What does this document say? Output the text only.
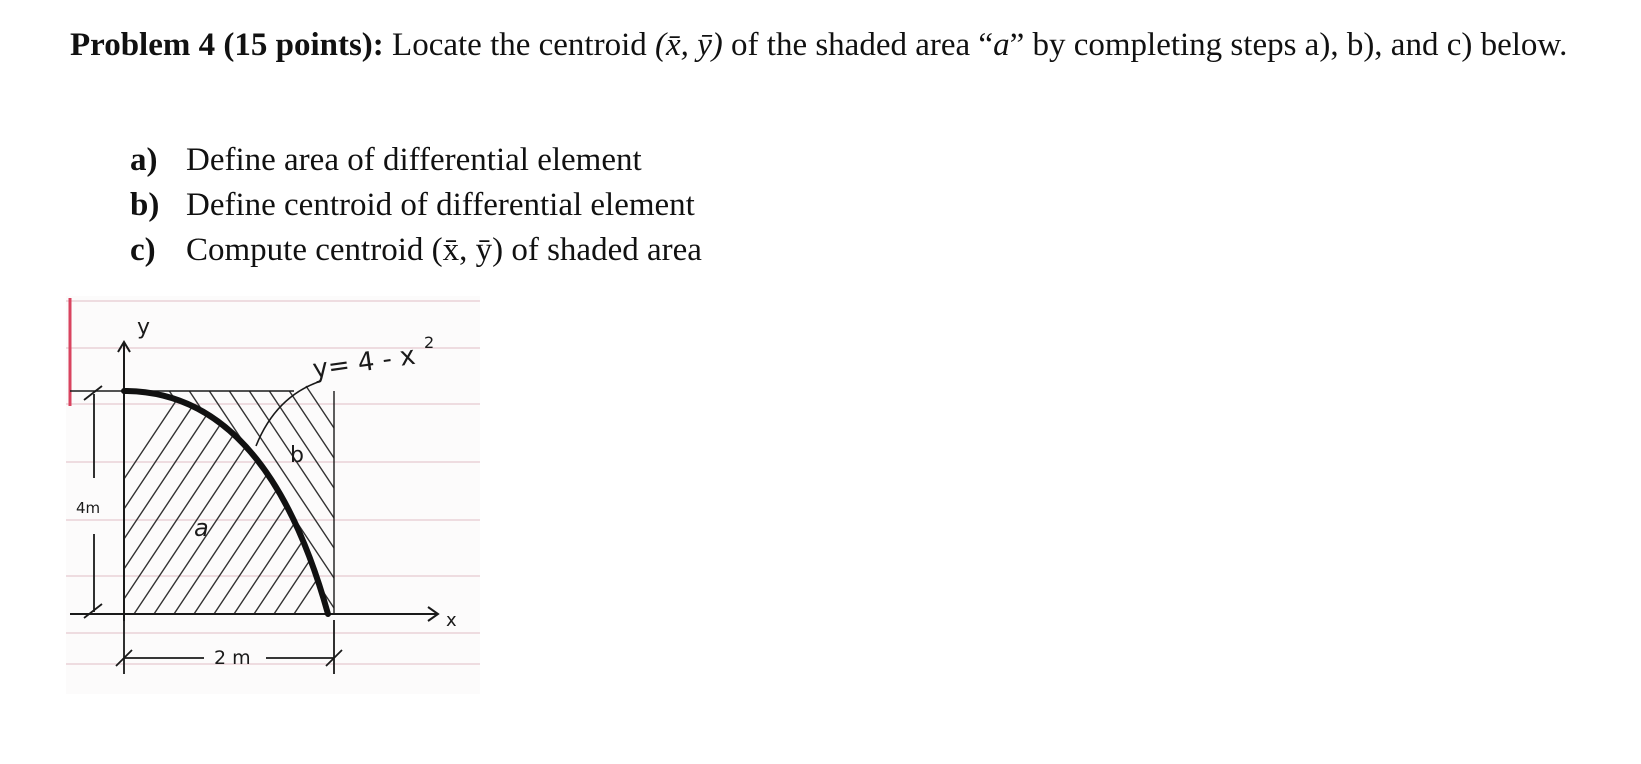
Problem 4 (15 points): Locate the centroid (x̄, ȳ) of the shaded area “a” by completing steps a), b), and c) below.
a) Define area of differential element
b) Define centroid of differential element
c) Compute centroid (x̄, ȳ) of shaded area
y
x
y= 4 - x 2
4m
2 m
a
b
